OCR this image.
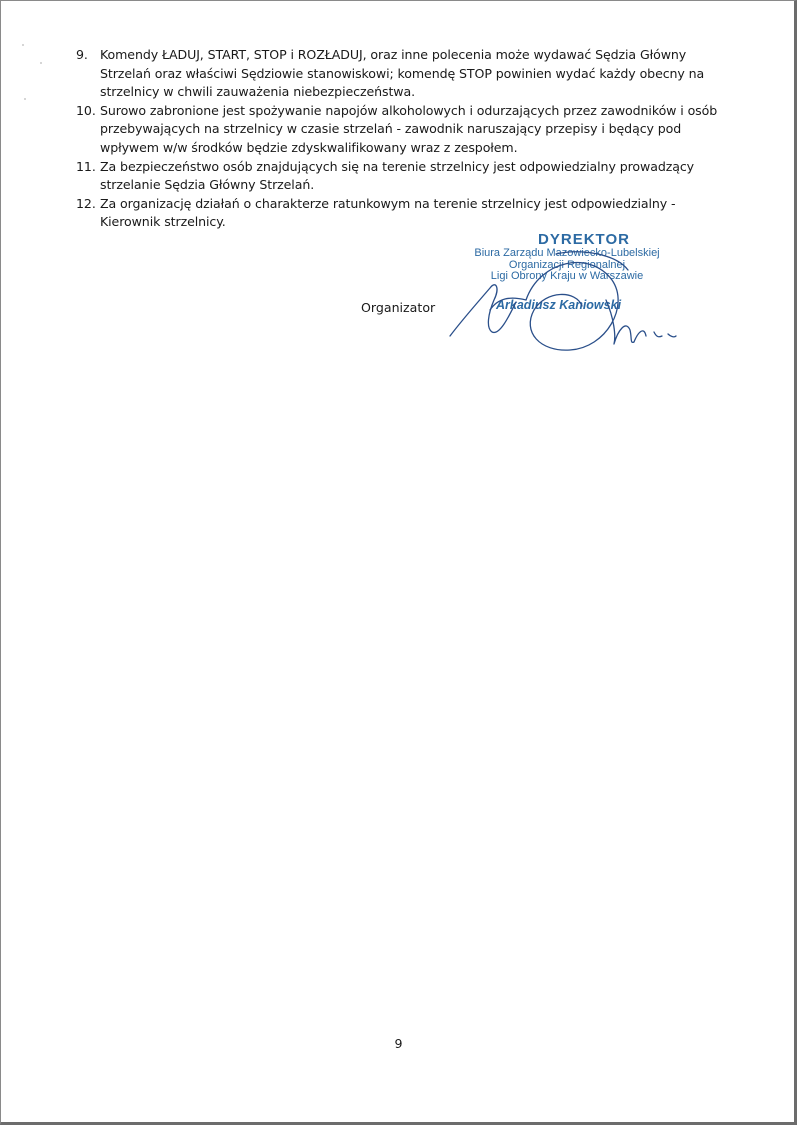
9. Komendy ŁADUJ, START, STOP i ROZŁADUJ, oraz inne polecenia może wydawać Sędzia Główny Strzelań oraz właściwi Sędziowie stanowiskowi; komendę STOP powinien wydać każdy obecny na strzelnicy w chwili zauważenia niebezpieczeństwa.
10. Surowo zabronione jest spożywanie napojów alkoholowych i odurzających przez zawodników i osób przebywających na strzelnicy w czasie strzelań - zawodnik naruszający przepisy i będący pod wpływem w/w środków będzie zdyskwalifikowany wraz z zespołem.
11. Za bezpieczeństwo osób znajdujących się na terenie strzelnicy jest odpowiedzialny prowadzący strzelanie Sędzia Główny Strzelań.
12. Za organizację działań o charakterze ratunkowym na terenie strzelnicy jest odpowiedzialny - Kierownik strzelnicy.
Organizator
DYREKTOR
Biura Zarządu Mazowiecko-Lubelskiej
Organizacji Regionalnej
Ligi Obrony Kraju w Warszawie
Arkadiusz Kaniowski
9
